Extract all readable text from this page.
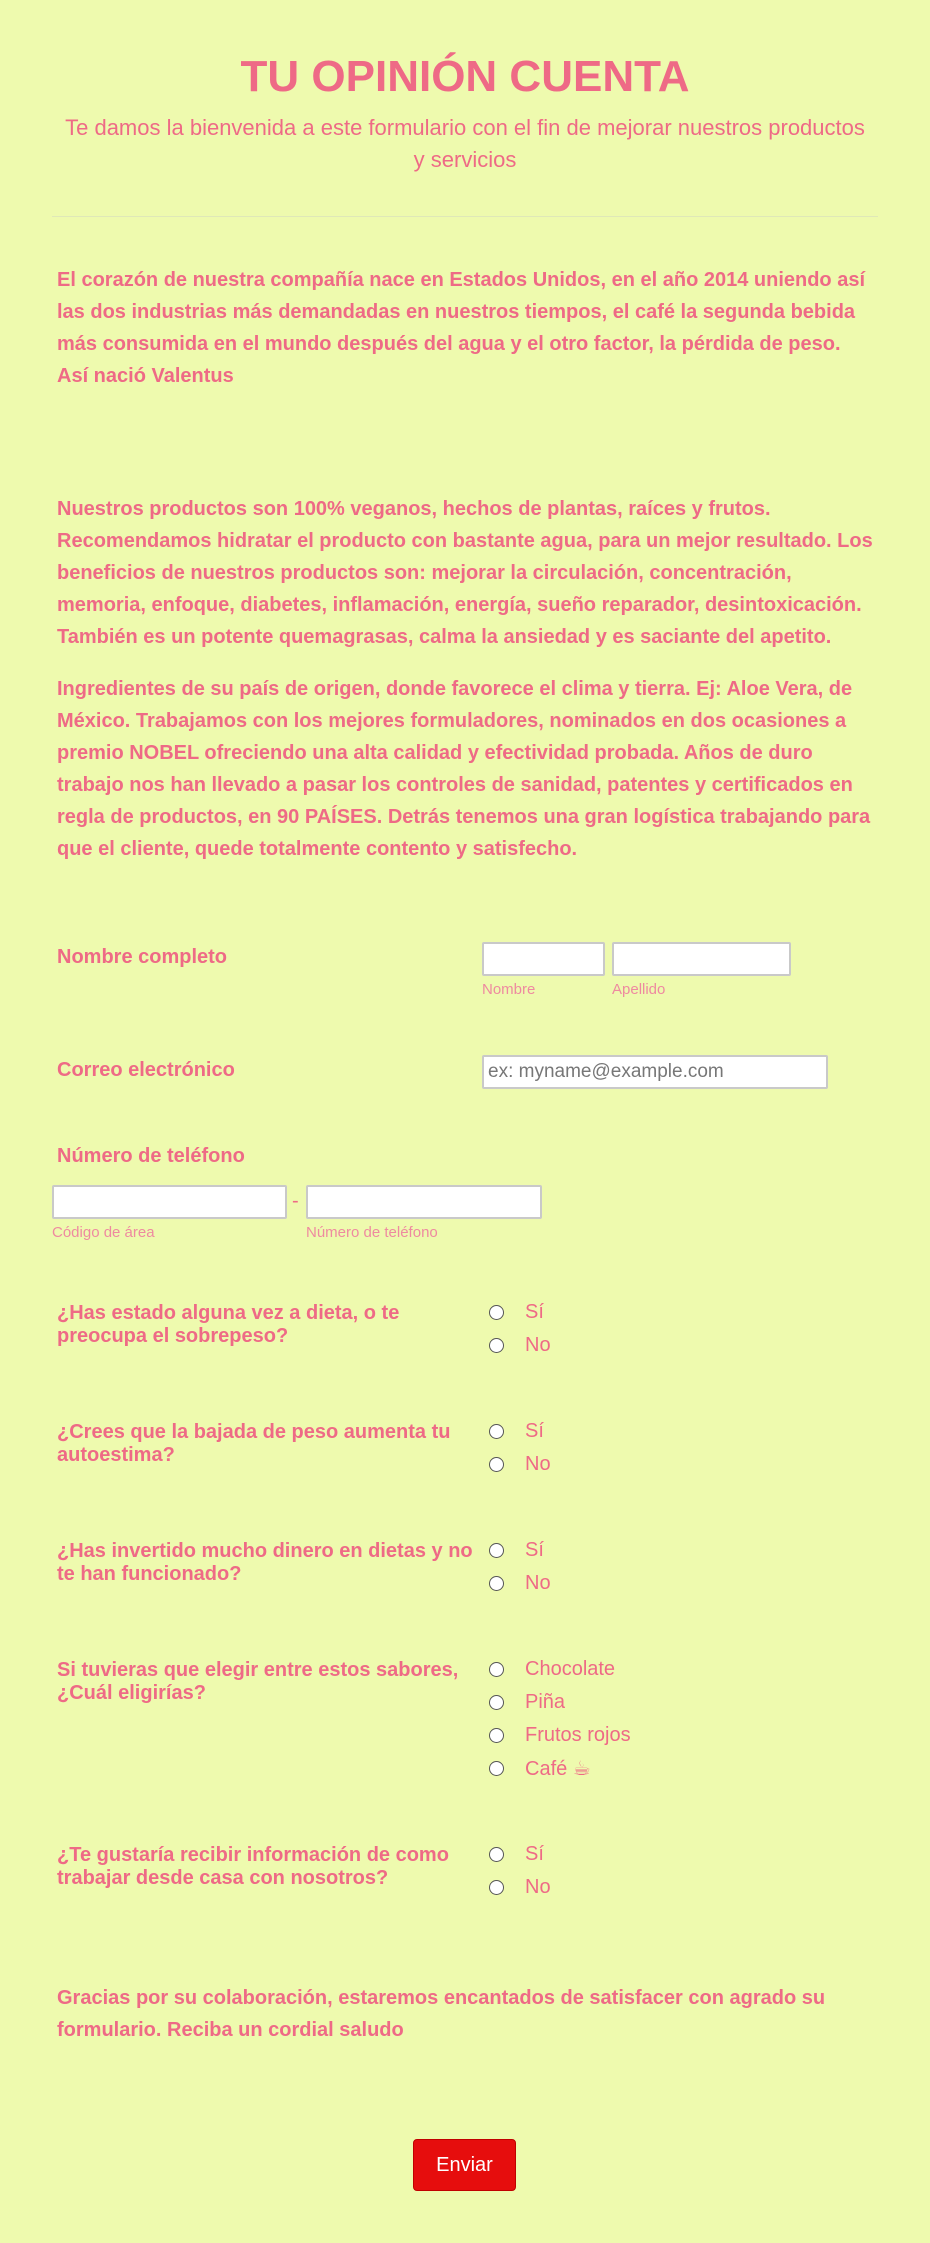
TU OPINIÓN CUENTA

Te damos la bienvenida a este formulario con el fin de mejorar nuestros productos y servicios

El corazón de nuestra compañía nace en Estados Unidos, en el año 2014 uniendo así las dos industrias más demandadas en nuestros tiempos, el café la segunda bebida más consumida en el mundo después del agua y el otro factor, la pérdida de peso. Así nació Valentus

Nuestros productos son 100% veganos, hechos de plantas, raíces y frutos. Recomendamos hidratar el producto con bastante agua, para un mejor resultado. Los beneficios de nuestros productos son: mejorar la circulación, concentración, memoria, enfoque, diabetes, inflamación, energía, sueño reparador, desintoxicación. También es un potente quemagrasas, calma la ansiedad y es saciante del apetito.

Ingredientes de su país de origen, donde favorece el clima y tierra. Ej: Aloe Vera, de México. Trabajamos con los mejores formuladores, nominados en dos ocasiones a premio NOBEL ofreciendo una alta calidad y efectividad probada. Años de duro trabajo nos han llevado a pasar los controles de sanidad, patentes y certificados en regla de productos, en 90 PAÍSES. Detrás tenemos una gran logística trabajando para que el cliente, quede totalmente contento y satisfecho.

Nombre completo
Nombre	Apellido
Correo electrónico
ex: myname@example.com
Número de teléfono
-
Código de área	Número de teléfono
¿Has estado alguna vez a dieta, o te preocupa el sobrepeso?
Sí
No
¿Crees que la bajada de peso aumenta tu autoestima?
Sí
No
¿Has invertido mucho dinero en dietas y no te han funcionado?
Sí
No
Si tuvieras que elegir entre estos sabores, ¿Cuál eligirías?
Chocolate
Piña
Frutos rojos
Café ☕
¿Te gustaría recibir información de como trabajar desde casa con nosotros?
Sí
No

Gracias por su colaboración, estaremos encantados de satisfacer con agrado su formulario. Reciba un cordial saludo

Enviar
